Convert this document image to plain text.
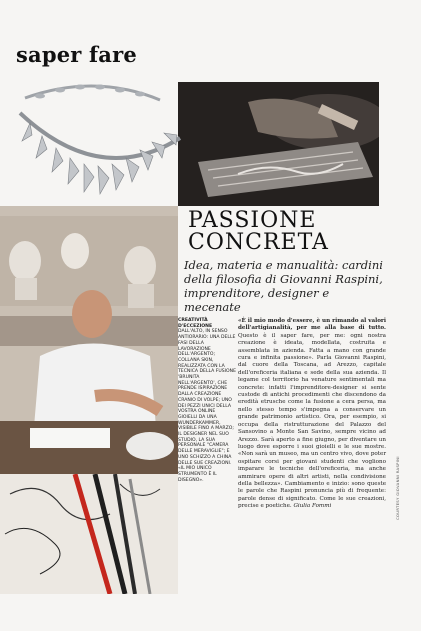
saper fare
PASSIONE
CONCRETA
Idea, materia e manualità: cardini della filosofia di Giovanni Raspini, imprenditore, designer e mecenate
CREATIVITÀ D'ECCEZIONE
DALL'ALTO, IN SENSO ANTIORARIO: UNA DELLE FASI DELLA LAVORAZIONE DELL'ARGENTO; COLLANA SKIN, REALIZZATA CON LA TECNICA DELLA FUSIONE 'BRUNITA NELL'ARGENTO', CHE PRENDE ISPIRAZIONE DALLA CREAZIONE CRANIO DI VOLPE; UNO DEI PEZZI UNICI DELLA VOSTRA ONLINE GIOIELLI DA UNA WUNDERKAMMER, VISIBILE FINO A MARZO; IL DESIGNER NEL SUO STUDIO, LA SUA PERSONALE "CAMERA DELLE MERAVIGLIE"; E UNO SCHIZZO A CHINA DELLE SUE CREAZIONI. «IL MIO UNICO STRUMENTO È IL DISEGNO».
«È il mio modo d'essere, è un rimando al valori dell'artigianalità, per me alla base di tutto. Questo è il saper fare, per me: ogni nostra creazione è ideata, modellata, costruita e assemblata in azienda. Fatta a mano con grande cura e infinita passione». Parla Giovanni Raspini, dal cuore della Toscana, ad Arezzo, capitale dell'oreficeria italiana e sede della sua azienda. Il legame col territorio ha venature sentimentali ma concrete: infatti l'imprenditore-designer si sente custode di antichi procedimenti che discendono da eredità etrusche come la fusione a cera persa, ma nello stesso tempo s'impegna a conservare un grande patrimonio artistico. Ora, per esempio, si occupa della ristrutturazione del Palazzo del Sansovino a Monte San Savino, sempre vicino ad Arezzo. Sarà aperto a fine giugno, per diventare un luogo dove esporre i suoi gioielli e le sue mostre. «Non sarà un museo, ma un centro vivo, dove poter ospitare corsi per giovani studenti che vogliono imparare le tecniche dell'oreficeria, ma anche ammirare opere di altri artisti, nella condivisione della bellezza». Cambiamento e inizio: sono queste le parole che Raspini pronuncia più di frequente: parole dense di significato. Come le sue creazioni, precise e poetiche. Giulia Fommi	COURTESY GIOVANNI RASPINI
